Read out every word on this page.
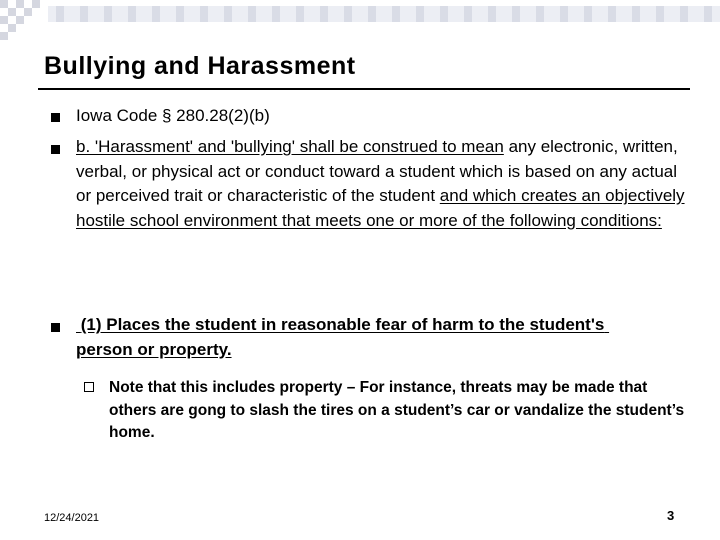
Bullying and Harassment
Iowa Code § 280.28(2)(b)
b. 'Harassment' and 'bullying' shall be construed to mean any electronic, written, verbal, or physical act or conduct toward a student which is based on any actual or perceived trait or characteristic of the student and which creates an objectively hostile school environment that meets one or more of the following conditions:
(1) Places the student in reasonable fear of harm to the student's person or property.
Note that this includes property – For instance, threats may be made that others are gong to slash the tires on a student’s car or vandalize the student’s home.
12/24/2021	3
